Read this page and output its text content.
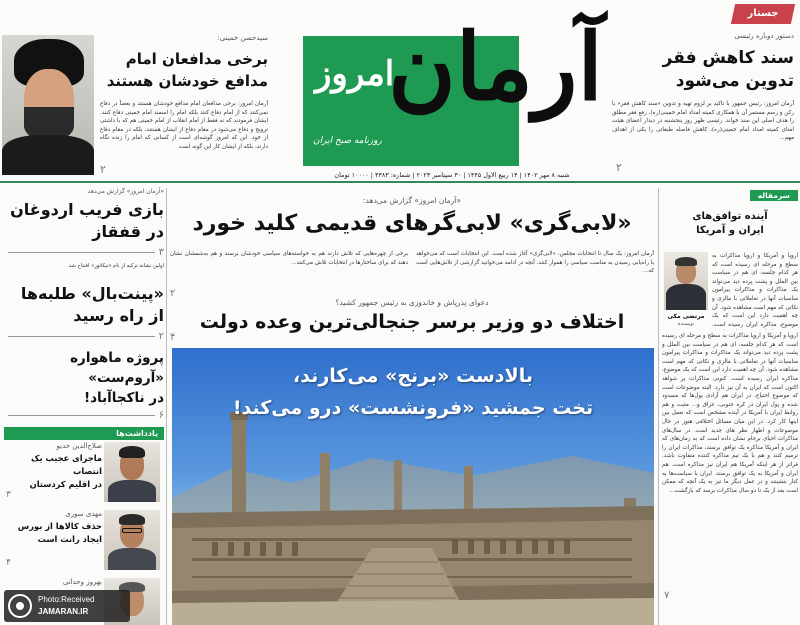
جستار
دستور دوباره رئیسی
سند کاهش فقر
تدوین می‌شود
آرمان امروز: رئیس جمهور با تاکید بر لزوم تهیه و تدوین «سند کاهش فقر» با رکن و رسم مستمر آن با همکاری کمیته امداد امام خمینی(ره)، رفع فقر مطلق را هدف اصلی این سند خواند. رئیسی ظهر روز پنجشنبه در دیدار اعضای هیئت امنای کمیته امداد امام خمینی(ره)، کاهش فاصله طبقاتی را یکی از اهداف مهم...
۲
آرمان
امروز
روزنامه صبح ایران
شنبه ۸ مهر ۱۴۰۲ | ۱۴ ربیع الاول ۱۴۴۵ | ۳۰ سپتامبر ۲۰۲۳ | شماره: ۴۳۸۳ | ۱۰۰۰۰ تومان
سیدحسن خمینی:
برخی مدافعان امام
مدافع خودشان هستند
آرمان امروز: برخی مدافعان امام مدافع خودشان هستند و بعضاً در دفاع نمی‌کنند که از امام دفاع کنند بلکه امام را اسمند امام خمینی دفاع کنند. ایشان فرمودند که نه فقط از امام انقلاب از امام خمینی هم که با داشتی ترویج و دفاع می‌شود در مقام دفاع از ایشان هستند، بلکه در مقام دفاع از خود. این که امروز گوشه‌ای است از کسانی که امام را زنده نگاه دارند، بلکه از ایشان کار این گونه است
۲
«آرمان امروز» گزارش می‌دهد
بازی فریب اردوغان
در قفقاز
۳
اولین نشانه ترکیه از نام «نیکاتور» افتتاح شد
«پینت‌بال» طلبه‌ها
از راه رسید
۲
پروژه ماهواره «آروم‌ست»
در ناکجاآباد!
۶
یادداشت‌ها
صلاح‌الدین خدیو
ماجرای عجیب یک انتصاب
در اقلیم کردستان
۳
مهدی سوری
حذف کالاها از بورس
ایجاد رانت است
۴
بهروز وحدانی
Photo:Received
JAMARAN.IR
«آرمان امروز» گزارش می‌دهد:
«لابی‌گری» لابی‌گرهای قدیمی کلید خورد
آرمان امروز: یک سال تا انتخابات مجلس، «لابی‌گری» آغاز شده است. این انتخابات است که می‌خواهد با راه‌یابی رسیدن به مناسب سیاسی را هموار کنند. آنچه در ادامه می‌خوانید گزارشی از تلاش‌هایی است که...
برخی از چهره‌هایی که تلاش دارند هم به خواسته‌های سیاسی خودشان برسند و هم به‌شمشان نشان دهند که برای ساختارها در انتخابات تلاش می‌کنند...
۲
دعوای پدرپاش و خاندوزی به رئیس جمهور کشید؟
اختلاف دو وزیر برسر جنجالی‌ترین وعده دولت
۴
بالادست «برنج» می‌کارند،
تخت جمشید «فرونشست» درو می‌کند!
سرمقاله
آینده توافق‌های
ایران و آمریکا
مرتضی مکی
نویسنده
اروپا و آمریکا و اروپا مذاکرات به سطح و مرحله ای رسیده است که هر کدام جلسه، ای هم در سیاست بین الملل و پشت پرده دید می‌تواند یک مذاکرات و مذاکرات پیرامون مناسبات آنها در تعاملاتی با مالزی و نکاتی که مهم است مشاهده شود. آن چه اهمیت دارد این است که یک موضوع، مذاکره ایران رسیده است.
اروپا و آمریکا و اروپا مذاکرات به سطح و مرحله ای رسیده است که هر کدام جلسه، ای هم در سیاست بین الملل و پشت پرده دید می‌تواند یک مذاکرات و مذاکرات پیرامون مناسبات آنها در تعاملاتی با مالزی و نکاتی که مهم است مشاهده شود. آن چه اهمیت دارد این است که یک موضوع، مذاکره ایران رسیده است. کنونی مذاکرات پر شواهد اکنون است که ایران به آن نیز دارد. البته موضوعات است که موضوع احتیاج، در ایران هم آزادی پول‌ها که مسدود شده و پول ایران در کره جنوبی، عراق و... مثبت و هم روابط ایران با آمریکا در آینده مشخص است که تعمل بین اینها کار کرد. در این میان مسائل اختلافی هنوز در حال موضوعات و اظهار نظر های جدید است. در سال‌های مذاکرات احیای برجام نشان داده است که به زمان‌های که ایران و آمریکا مذاکره یک توافق برسند، مذاکرات ایران را ترمیم کنند و هم با یک تیم مذاکره کننده متفاوت باشد. فراتر از هر اینکه آمریکا هم ایران نیز مذاکره است. هم ایران و آمریکا به یک توافق برسند. ایران با سیاست‌ها به کنار بنشینند و در عمل دیگر ما نیز به یک آنچه که ممکن است بعد از یک تا دو سال مذاکرات برسد که بازگشت...
۷
